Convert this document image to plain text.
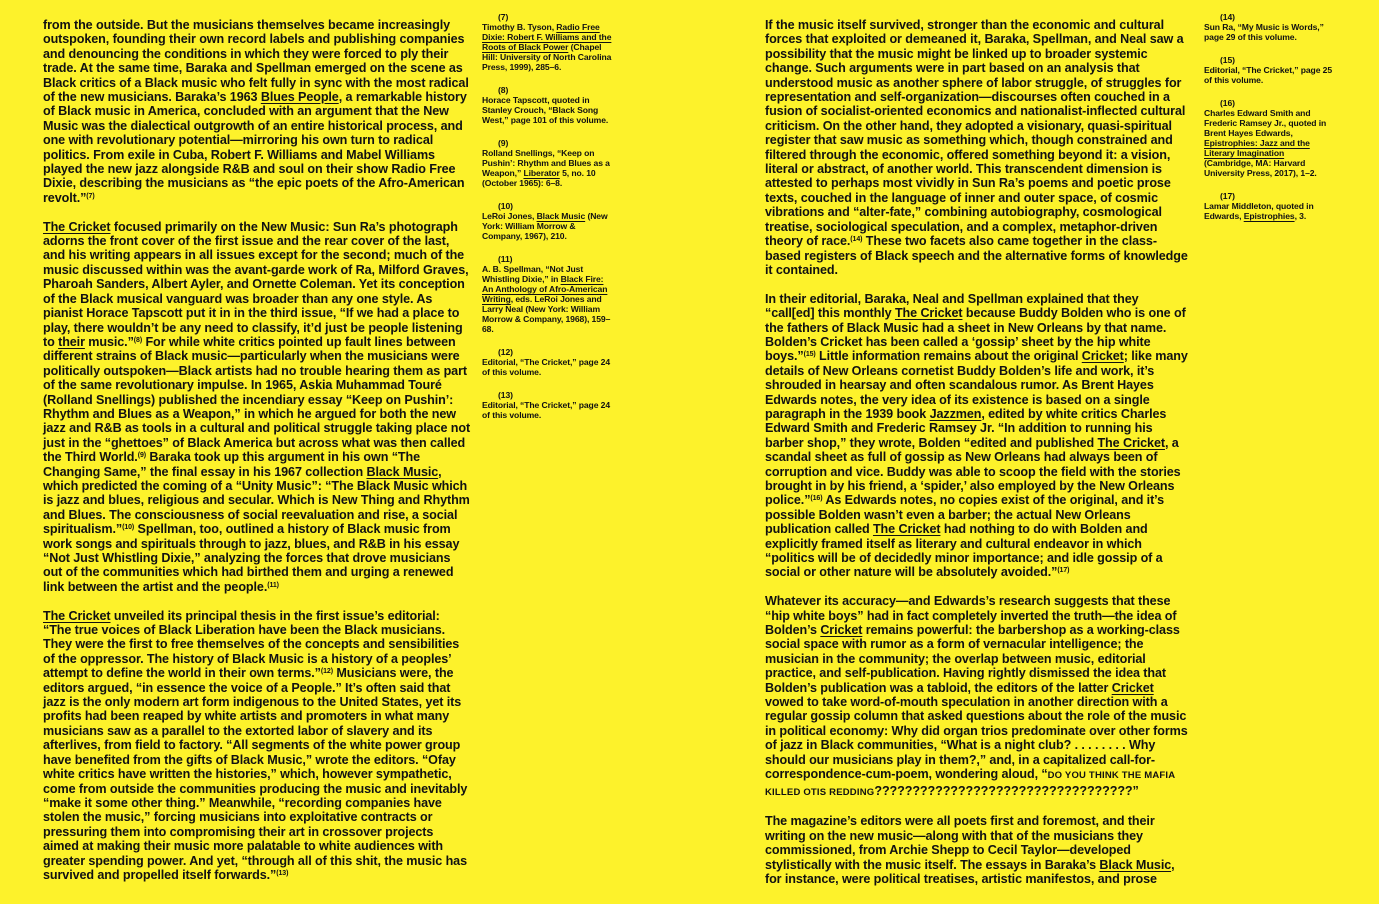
from the outside. But the musicians themselves became increasingly outspoken, founding their own record labels and publishing companies and denouncing the conditions in which they were forced to ply their trade. At the same time, Baraka and Spellman emerged on the scene as Black critics of a Black music who felt fully in sync with the most radical of the new musicians. Baraka’s 1963 Blues People, a remarkable history of Black music in America, concluded with an argument that the New Music was the dialectical outgrowth of an entire historical process, and one with revolutionary potential—mirroring his own turn to radical politics. From exile in Cuba, Robert F. Williams and Mabel Williams played the new jazz alongside R&B and soul on their show Radio Free Dixie, describing the musicians as “the epic poets of the Afro-American revolt.”$^{(7)}$

The Cricket focused primarily on the New Music: Sun Ra’s photograph adorns the front cover of the first issue and the rear cover of the last, and his writing appears in all issues except for the second; much of the music discussed within was the avant-garde work of Ra, Milford Graves, Pharoah Sanders, Albert Ayler, and Ornette Coleman. Yet its conception of the Black musical vanguard was broader than any one style. As pianist Horace Tapscott put it in in the third issue, “If we had a place to play, there wouldn’t be any need to classify, it’d just be people listening to their music.”$^{(8)}$ For while white critics pointed up fault lines between different strains of Black music—particularly when the musicians were politically outspoken—Black artists had no trouble hearing them as part of the same revolutionary impulse. In 1965, Askia Muhammad Touré (Rolland Snellings) published the incendiary essay “Keep on Pushin’: Rhythm and Blues as a Weapon,” in which he argued for both the new jazz and R&B as tools in a cultural and political struggle taking place not just in the “ghettoes” of Black America but across what was then called the Third World.$^{(9)}$ Baraka took up this argument in his own “The Changing Same,” the final essay in his 1967 collection Black Music, which predicted the coming of a “Unity Music”: “The Black Music which is jazz and blues, religious and secular. Which is New Thing and Rhythm and Blues. The consciousness of social reevaluation and rise, a social spiritualism.”$^{(10)}$ Spellman, too, outlined a history of Black music from work songs and spirituals through to jazz, blues, and R&B in his essay “Not Just Whistling Dixie,” analyzing the forces that drove musicians out of the communities which had birthed them and urging a renewed link between the artist and the people.$^{(11)}$

The Cricket unveiled its principal thesis in the first issue’s editorial: “The true voices of Black Liberation have been the Black musicians. They were the first to free themselves of the concepts and sensibilities of the oppressor. The history of Black Music is a history of a peoples’ attempt to define the world in their own terms.”$^{(12)}$ Musicians were, the editors argued, “in essence the voice of a People.” It’s often said that jazz is the only modern art form indigenous to the United States, yet its profits had been reaped by white artists and promoters in what many musicians saw as a parallel to the extorted labor of slavery and its afterlives, from field to factory. “All segments of the white power group have benefited from the gifts of Black Music,” wrote the editors. “Ofay white critics have written the histories,” which, however sympathetic, come from outside the communities producing the music and inevitably “make it some other thing.” Meanwhile, “recording companies have stolen the music,” forcing musicians into exploitative contracts or pressuring them into compromising their art in crossover projects aimed at making their music more palatable to white audiences with greater spending power. And yet, “through all of this shit, the music has survived and propelled itself forwards.”$^{(13)}$

(7)
Timothy B. Tyson, Radio Free Dixie: Robert F. Williams and the Roots of Black Power (Chapel Hill: University of North Carolina Press, 1999), 285–6.
(8)
Horace Tapscott, quoted in Stanley Crouch, “Black Song West,” page 101 of this volume.
(9)
Rolland Snellings, “Keep on Pushin’: Rhythm and Blues as a Weapon,” Liberator 5, no. 10 (October 1965): 6–8.
(10)
LeRoi Jones, Black Music (New York: William Morrow & Company, 1967), 210.
(11)
A. B. Spellman, “Not Just Whistling Dixie,” in Black Fire: An Anthology of Afro-American Writing, eds. LeRoi Jones and Larry Neal (New York: William Morrow & Company, 1968), 159–68.
(12)
Editorial, “The Cricket,” page 24 of this volume.
(13)
Editorial, “The Cricket,” page 24 of this volume.

If the music itself survived, stronger than the economic and cultural forces that exploited or demeaned it, Baraka, Spellman, and Neal saw a possibility that the music might be linked up to broader systemic change. Such arguments were in part based on an analysis that understood music as another sphere of labor struggle, of struggles for representation and self-organization—discourses often couched in a fusion of socialist-oriented economics and nationalist-inflected cultural criticism. On the other hand, they adopted a visionary, quasi-spiritual register that saw music as something which, though constrained and filtered through the economic, offered something beyond it: a vision, literal or abstract, of another world. This transcendent dimension is attested to perhaps most vividly in Sun Ra’s poems and poetic prose texts, couched in the language of inner and outer space, of cosmic vibrations and “alter-fate,” combining autobiography, cosmological treatise, sociological speculation, and a complex, metaphor-driven theory of race.$^{(14)}$ These two facets also came together in the class-based registers of Black speech and the alternative forms of knowledge it contained.

In their editorial, Baraka, Neal and Spellman explained that they “call[ed] this monthly The Cricket because Buddy Bolden who is one of the fathers of Black Music had a sheet in New Orleans by that name. Bolden’s Cricket has been called a ‘gossip’ sheet by the hip white boys.”$^{(15)}$ Little information remains about the original Cricket; like many details of New Orleans cornetist Buddy Bolden’s life and work, it’s shrouded in hearsay and often scandalous rumor. As Brent Hayes Edwards notes, the very idea of its existence is based on a single paragraph in the 1939 book Jazzmen, edited by white critics Charles Edward Smith and Frederic Ramsey Jr. “In addition to running his barber shop,” they wrote, Bolden “edited and published The Cricket, a scandal sheet as full of gossip as New Orleans had always been of corruption and vice. Buddy was able to scoop the field with the stories brought in by his friend, a ‘spider,’ also employed by the New Orleans police.”$^{(16)}$ As Edwards notes, no copies exist of the original, and it’s possible Bolden wasn’t even a barber; the actual New Orleans publication called The Cricket had nothing to do with Bolden and explicitly framed itself as literary and cultural endeavor in which “politics will be of decidedly minor importance; and idle gossip of a social or other nature will be absolutely avoided.”$^{(17)}$

Whatever its accuracy—and Edwards’s research suggests that these “hip white boys” had in fact completely inverted the truth—the idea of Bolden’s Cricket remains powerful: the barbershop as a working-class social space with rumor as a form of vernacular intelligence; the musician in the community; the overlap between music, editorial practice, and self-publication. Having rightly dismissed the idea that Bolden’s publication was a tabloid, the editors of the latter Cricket vowed to take word-of-mouth speculation in another direction with a regular gossip column that asked questions about the role of the music in political economy: Why did organ trios predominate over other forms of jazz in Black communities, “What is a night club? . . . . . . . . Why should our musicians play in them?,” and, in a capitalized call-for-correspondence-cum-poem, wondering aloud, “DO YOU THINK THE MAFIA KILLED OTIS REDDING??????????????????????????????????”

The magazine’s editors were all poets first and foremost, and their writing on the new music—along with that of the musicians they commissioned, from Archie Shepp to Cecil Taylor—developed stylistically with the music itself. The essays in Baraka’s Black Music, for instance, were political treatises, artistic manifestos, and prose

(14)
Sun Ra, “My Music is Words,” page 29 of this volume.
(15)
Editorial, “The Cricket,” page 25 of this volume.
(16)
Charles Edward Smith and Frederic Ramsey Jr., quoted in Brent Hayes Edwards, Epistrophies: Jazz and the Literary Imagination (Cambridge, MA: Harvard University Press, 2017), 1–2.
(17)
Lamar Middleton, quoted in Edwards, Epistrophies, 3.
